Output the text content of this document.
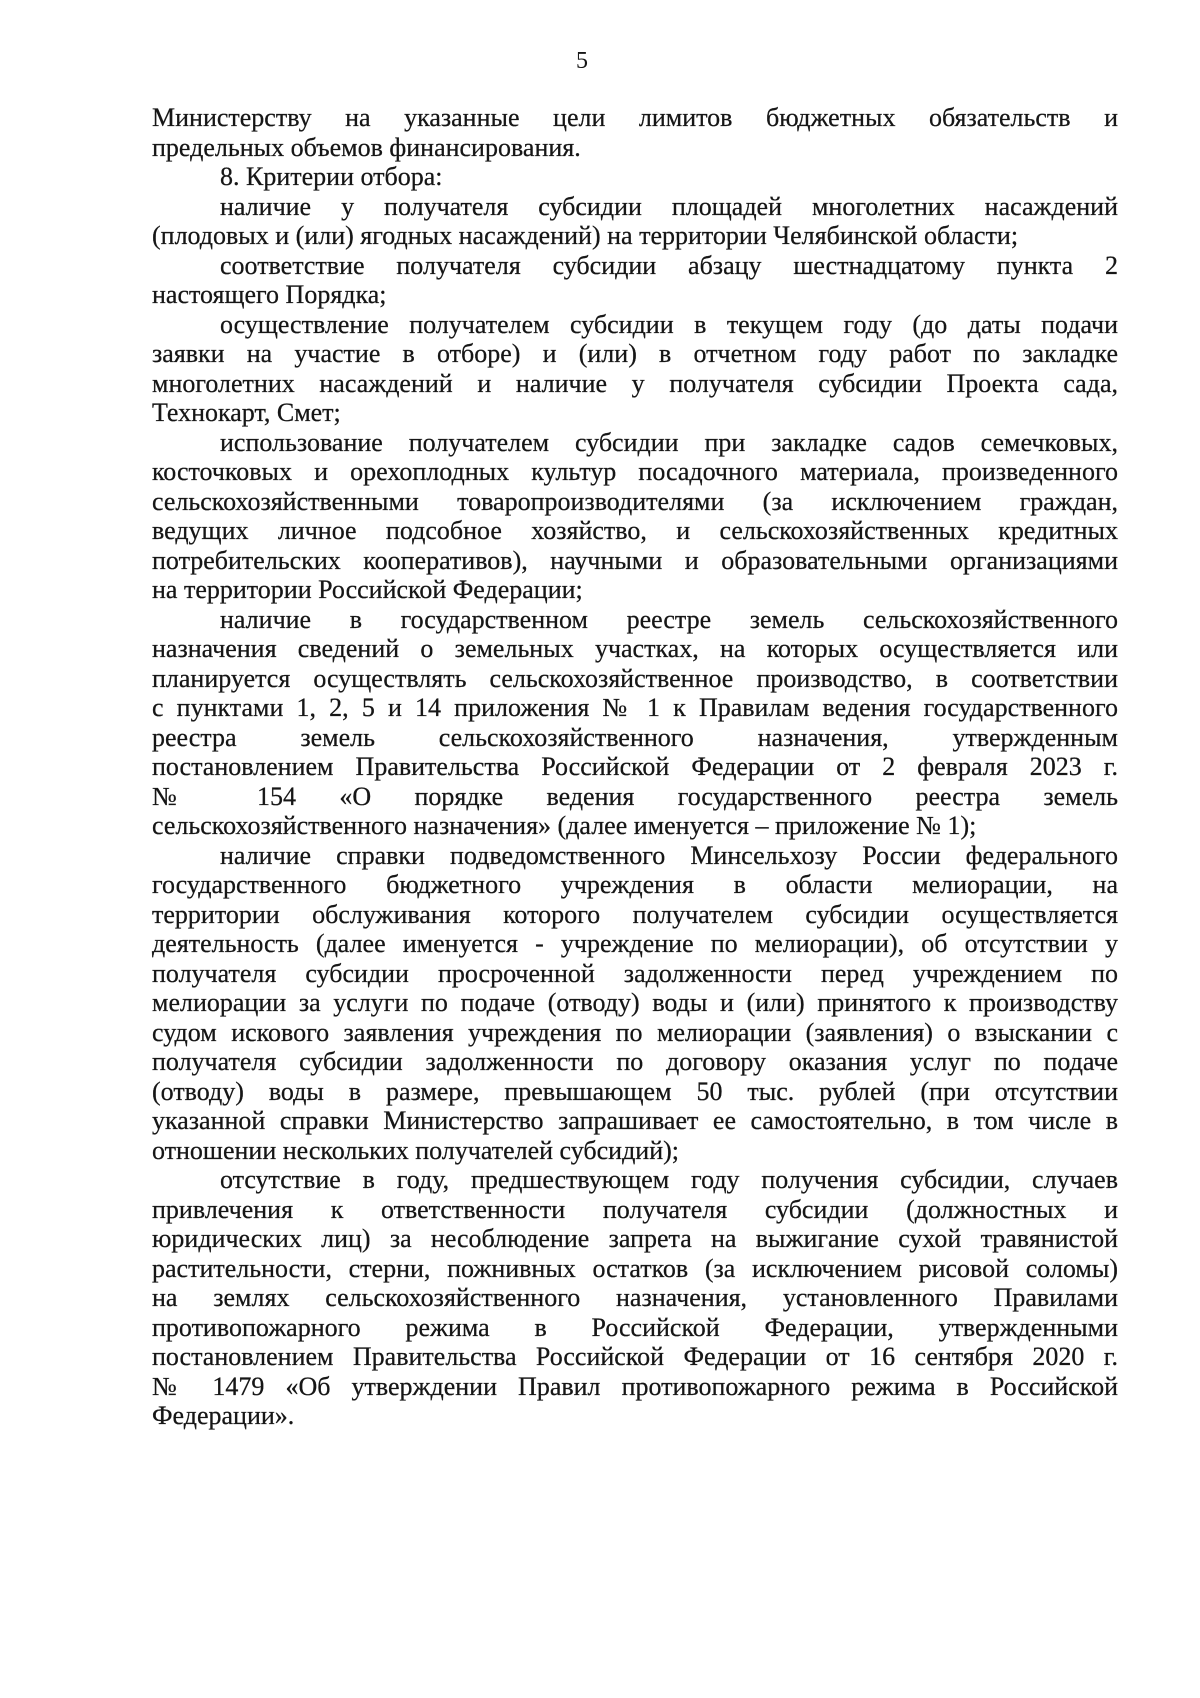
5
Министерству на указанные цели лимитов бюджетных обязательств и
предельных объемов финансирования.
8. Критерии отбора:
наличие у получателя субсидии площадей многолетних насаждений
(плодовых и (или) ягодных насаждений) на территории Челябинской области;
соответствие получателя субсидии абзацу шестнадцатому пункта 2
настоящего Порядка;
осуществление получателем субсидии в текущем году (до даты подачи
заявки на участие в отборе) и (или) в отчетном году работ по закладке
многолетних насаждений и наличие у получателя субсидии Проекта сада,
Технокарт, Смет;
использование получателем субсидии при закладке садов семечковых,
косточковых и орехоплодных культур посадочного материала, произведенного
сельскохозяйственными товаропроизводителями (за исключением граждан,
ведущих личное подсобное хозяйство, и сельскохозяйственных кредитных
потребительских кооперативов), научными и образовательными организациями
на территории Российской Федерации;
наличие в государственном реестре земель сельскохозяйственного
назначения сведений о земельных участках, на которых осуществляется или
планируется осуществлять сельскохозяйственное производство, в соответствии
с пунктами 1, 2, 5 и 14 приложения № 1 к Правилам ведения государственного
реестра земель сельскохозяйственного назначения, утвержденным
постановлением Правительства Российской Федерации от 2 февраля 2023 г.
№ 154 «О порядке ведения государственного реестра земель
сельскохозяйственного назначения» (далее именуется – приложение № 1);
наличие справки подведомственного Минсельхозу России федерального
государственного бюджетного учреждения в области мелиорации, на
территории обслуживания которого получателем субсидии осуществляется
деятельность (далее именуется - учреждение по мелиорации), об отсутствии у
получателя субсидии просроченной задолженности перед учреждением по
мелиорации за услуги по подаче (отводу) воды и (или) принятого к производству
судом искового заявления учреждения по мелиорации (заявления) о взыскании с
получателя субсидии задолженности по договору оказания услуг по подаче
(отводу) воды в размере, превышающем 50 тыс. рублей (при отсутствии
указанной справки Министерство запрашивает ее самостоятельно, в том числе в
отношении нескольких получателей субсидий);
отсутствие в году, предшествующем году получения субсидии, случаев
привлечения к ответственности получателя субсидии (должностных и
юридических лиц) за несоблюдение запрета на выжигание сухой травянистой
растительности, стерни, пожнивных остатков (за исключением рисовой соломы)
на землях сельскохозяйственного назначения, установленного Правилами
противопожарного режима в Российской Федерации, утвержденными
постановлением Правительства Российской Федерации от 16 сентября 2020 г.
№ 1479 «Об утверждении Правил противопожарного режима в Российской
Федерации».
